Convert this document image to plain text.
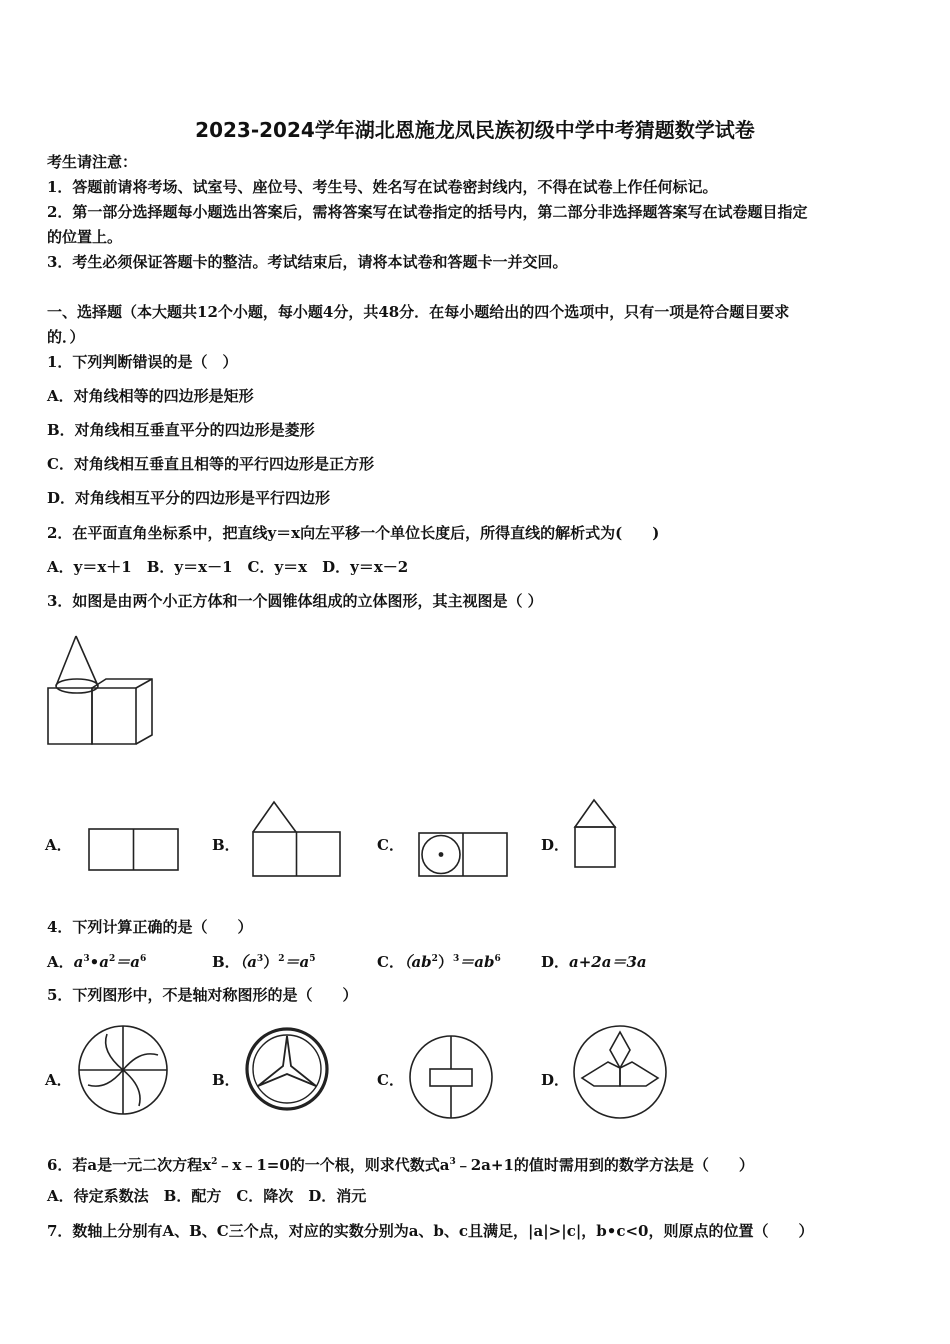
2023-2024学年湖北恩施龙凤民族初级中学中考猜题数学试卷
考生请注意：
1．答题前请将考场、试室号、座位号、考生号、姓名写在试卷密封线内，不得在试卷上作任何标记。
2．第一部分选择题每小题选出答案后，需将答案写在试卷指定的括号内，第二部分非选择题答案写在试卷题目指定
的位置上。
3．考生必须保证答题卡的整洁。考试结束后，请将本试卷和答题卡一并交回。
一、选择题（本大题共12个小题，每小题4分，共48分．在每小题给出的四个选项中，只有一项是符合题目要求
的．）
1．下列判断错误的是（　）
A．对角线相等的四边形是矩形
B．对角线相互垂直平分的四边形是菱形
C．对角线相互垂直且相等的平行四边形是正方形
D．对角线相互平分的四边形是平行四边形
2．在平面直角坐标系中，把直线y＝x向左平移一个单位长度后，所得直线的解析式为(　　)
A．y＝x＋1　B．y＝x－1　C．y＝x　D．y＝x－2
3．如图是由两个小正方体和一个圆锥体组成的立体图形，其主视图是（ ）
A．	B．	C．	D．
4．下列计算正确的是（　　）
A．$a^3•a^2=a^6$	B．$(a^3)^2=a^5$	C．$(ab^2)^3=ab^6$	D．a+2a＝3a
5．下列图形中，不是轴对称图形的是（　　）
A．	B．	C．	D．
6．若a是一元二次方程$x^2﹣x﹣1=0$的一个根，则求代数式$a^3﹣2a+1$的值时需用到的数学方法是（　　）
A．待定系数法　B．配方　C．降次　D．消元
7．数轴上分别有A、B、C三个点，对应的实数分别为a、b、c且满足，|a|>|c|，b•c<0，则原点的位置（　　）
